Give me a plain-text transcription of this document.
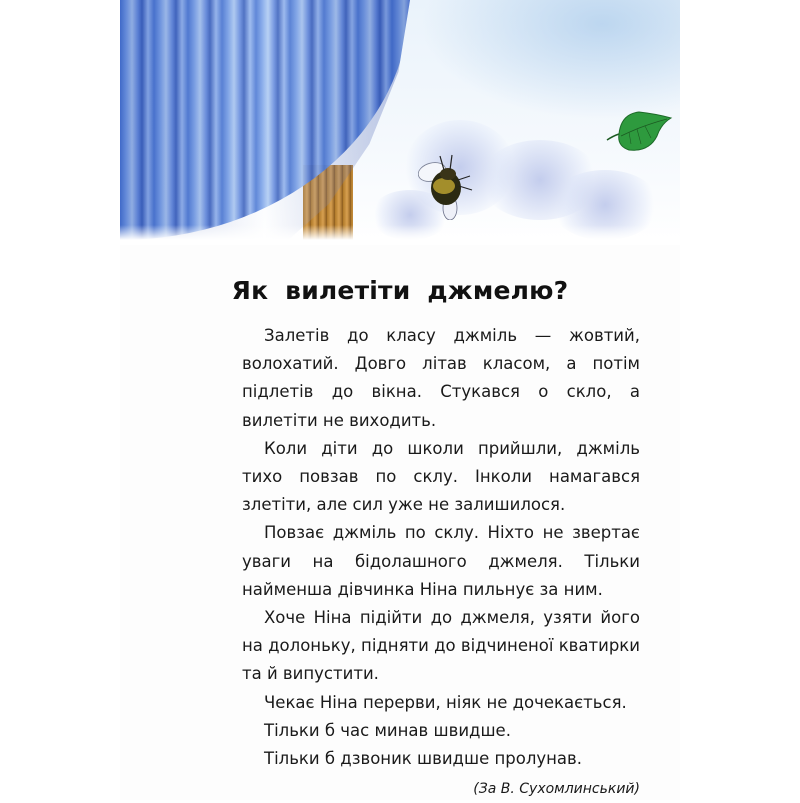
Як вилетіти джмелю?

Залетів до класу джміль — жовтий, волохатий. Довго літав класом, а потім підлетів до вікна. Стукався о скло, а вилетіти не виходить.

Коли діти до школи прийшли, джміль тихо повзав по склу. Інколи намагався злетіти, але сил уже не залишилося.

Повзає джміль по склу. Ніхто не звертає уваги на бідолашного джмеля. Тільки найменша дівчинка Ніна пильнує за ним.

Хоче Ніна підійти до джмеля, узяти його на долоньку, підняти до відчиненої кватирки та й випустити.

Чекає Ніна перерви, ніяк не дочекається.

Тільки б час минав швидше.

Тільки б дзвоник швидше пролунав.

(За В. Сухомлинський)
